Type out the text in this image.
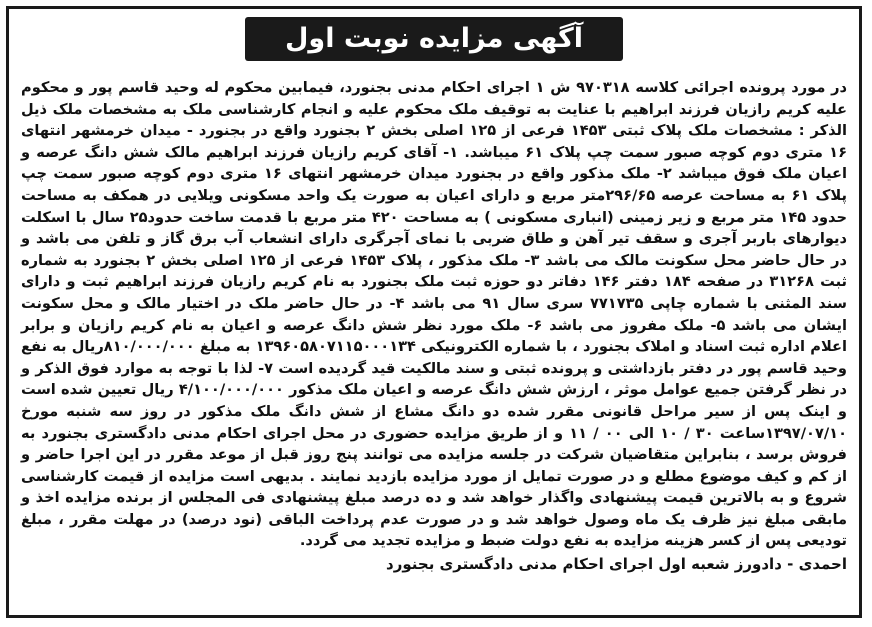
آگهی مزایده نوبت اول

در مورد پرونده اجرائی کلاسه ۹۷۰۳۱۸ ش ۱ اجرای احکام مدنی بجنورد، فیمابین محکوم له وحید قاسم پور و محکوم علیه کریم رازیان فرزند ابراهیم با عنایت به توقیف ملک محکوم علیه و انجام کارشناسی ملک به مشخصات ملک ذیل الذکر : مشخصات ملک پلاک ثبتی ۱۴۵۳ فرعی از ۱۲۵ اصلی بخش ۲ بجنورد واقع در بجنورد - میدان خرمشهر انتهای ۱۶ متری دوم کوچه صبور سمت چپ پلاک ۶۱ میباشد. ۱- آقای کریم رازیان فرزند ابراهیم مالک شش دانگ عرصه و اعیان ملک فوق میباشد ۲- ملک مذکور واقع در بجنورد میدان خرمشهر انتهای ۱۶ متری دوم کوچه صبور سمت چپ پلاک ۶۱ به مساحت عرصه ۲۹۶/۶۵متر مربع و دارای اعیان به صورت یک واحد مسکونی ویلایی در همکف به مساحت حدود ۱۴۵ متر مربع و زیر زمینی (انباری مسکونی ) به مساحت ۴۲۰ متر مربع با قدمت ساخت حدود۲۵ سال با اسکلت دیوارهای باربر آجری و سقف تیر آهن و طاق ضربی با نمای آجرگری دارای انشعاب آب برق گاز و تلفن می باشد و در حال حاضر محل سکونت مالک می باشد ۳- ملک مذکور ، پلاک ۱۴۵۳ فرعی از ۱۲۵ اصلی بخش ۲ بجنورد به شماره ثبت ۳۱۲۶۸ در صفحه ۱۸۴ دفتر ۱۴۶ دفاتر دو حوزه ثبت ملک بجنورد به نام کریم رازیان فرزند ابراهیم ثبت و دارای سند المثنی با شماره چاپی ۷۷۱۷۳۵ سری سال ۹۱ می باشد ۴- در حال حاضر ملک در اختیار مالک و محل سکونت ایشان می باشد ۵- ملک مفروز می باشد ۶- ملک مورد نظر شش دانگ عرصه و اعیان به نام کریم رازیان و برابر اعلام اداره ثبت اسناد و املاک بجنورد ، با شماره الکترونیکی ۱۳۹۶۰۵۸۰۷۱۱۵۰۰۰۱۳۴ به مبلغ ۸۱۰/۰۰۰/۰۰۰ریال به نفع وحید قاسم پور در دفتر بازداشتی و پرونده ثبتی و سند مالکیت قید گردیده است ۷- لذا با توجه به موارد فوق الذکر و در نظر گرفتن جمیع عوامل موثر ، ارزش شش دانگ عرصه و اعیان ملک مذکور ۴/۱۰۰/۰۰۰/۰۰۰ ریال تعیین شده است و اینک پس از سیر مراحل قانونی مقرر شده دو دانگ مشاع از شش دانگ ملک مذکور در روز سه شنبه مورخ ۱۳۹۷/۰۷/۱۰ساعت ۳۰ / ۱۰ الی ۰۰ / ۱۱ و از طریق مزایده حضوری در محل اجرای احکام مدنی دادگستری بجنورد به فروش برسد ، بنابراین متقاضیان شرکت در جلسه مزایده می توانند پنج روز قبل از موعد مقرر در این اجرا حاضر و از کم و کیف موضوع مطلع و در صورت تمایل از مورد مزایده بازدید نمایند . بدیهی است مزایده از قیمت کارشناسی شروع و به بالاترین قیمت پیشنهادی واگذار خواهد شد و ده درصد مبلغ پیشنهادی فی المجلس از برنده مزایده اخذ و مابقی مبلغ نیز ظرف یک ماه وصول خواهد شد و در صورت عدم پرداخت الباقی (نود درصد) در مهلت مقرر ، مبلغ تودیعی پس از کسر هزینه مزایده به نفع دولت ضبط و مزایده تجدید می گردد.

احمدی - دادورز شعبه اول اجرای احکام مدنی دادگستری بجنورد
